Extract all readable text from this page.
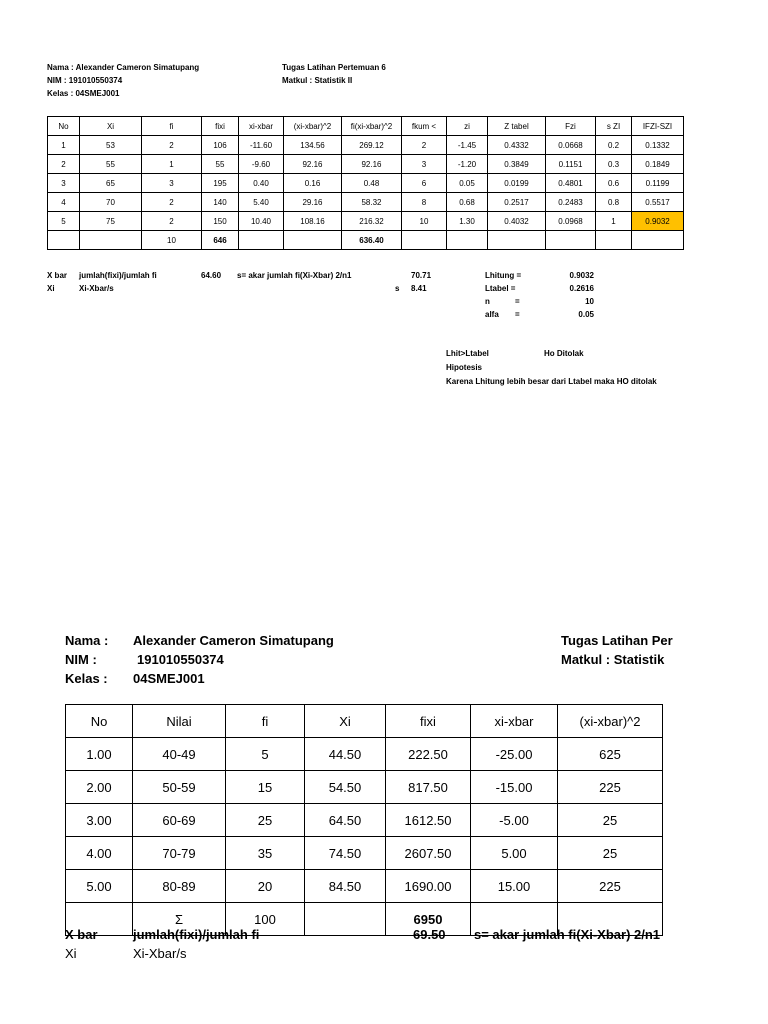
Nama : Alexander Cameron Simatupang
NIM : 191010550374
Kelas : 04SMEJ001
Tugas Latihan Pertemuan 6
Matkul : Statistik II
No	Xi	fi	fixi	xi-xbar	(xi-xbar)^2	fi(xi-xbar)^2	fkum <	zi	Z tabel	Fzi	s ZI	IFZI-SZI
1	53	2	106	-11.60	134.56	269.12	2	-1.45	0.4332	0.0668	0.2	0.1332
2	55	1	55	-9.60	92.16	92.16	3	-1.20	0.3849	0.1151	0.3	0.1849
3	65	3	195	0.40	0.16	0.48	6	0.05	0.0199	0.4801	0.6	0.1199
4	70	2	140	5.40	29.16	58.32	8	0.68	0.2517	0.2483	0.8	0.5517
5	75	2	150	10.40	108.16	216.32	10	1.30	0.4032	0.0968	1	0.9032
		10	646			636.40						
X bar jumlah(fixi)/jumlah fi	64.60 s= akar jumlah fi(Xi-Xbar) 2/n1	70.71
Xi	Xi-Xbar/s	s 8.41
Lhitung =	0.9032
Ltabel =	0.2616
n	=	10
alfa =	0.05
Lhit>Ltabel	Ho Ditolak
Hipotesis
Karena Lhitung lebih besar dari Ltabel maka HO ditolak
Nama : Alexander Cameron Simatupang
NIM :	191010550374
Kelas : 04SMEJ001
Tugas Latihan Per
Matkul : Statistik
No	Nilai	fi	Xi	fixi	xi-xbar	(xi-xbar)^2
1.00	40-49	5	44.50	222.50	-25.00	625
2.00	50-59	15	54.50	817.50	-15.00	225
3.00	60-69	25	64.50	1612.50	-5.00	25
4.00	70-79	35	74.50	2607.50	5.00	25
5.00	80-89	20	84.50	1690.00	15.00	225
	Σ	100		6950		
X bar	jumlah(fixi)/jumlah fi	69.50 s= akar jumlah fi(Xi-Xbar) 2/n1
Xi	Xi-Xbar/s
